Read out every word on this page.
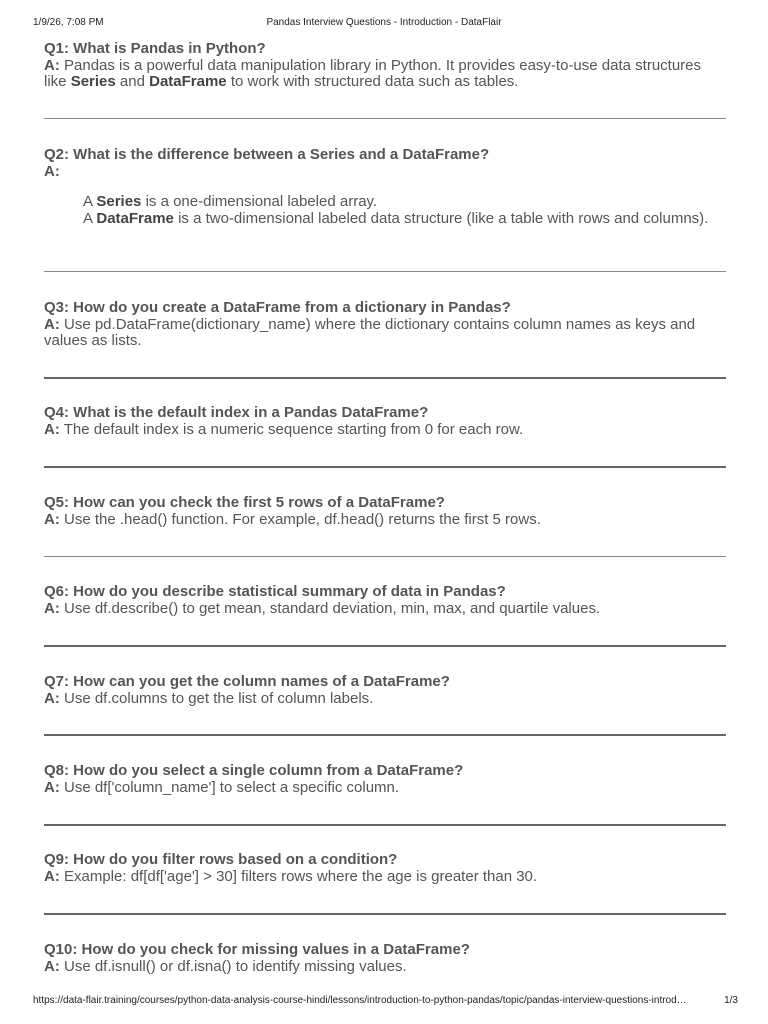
1/9/26, 7:08 PM	Pandas Interview Questions - Introduction - DataFlair

Q1: What is Pandas in Python?

A: Pandas is a powerful data manipulation library in Python. It provides easy-to-use data structures like Series and DataFrame to work with structured data such as tables.

Q2: What is the difference between a Series and a DataFrame?

A:

A Series is a one-dimensional labeled array.
A DataFrame is a two-dimensional labeled data structure (like a table with rows and columns).

Q3: How do you create a DataFrame from a dictionary in Pandas?

A: Use pd.DataFrame(dictionary_name) where the dictionary contains column names as keys and values as lists.

Q4: What is the default index in a Pandas DataFrame?

A: The default index is a numeric sequence starting from 0 for each row.

Q5: How can you check the first 5 rows of a DataFrame?

A: Use the .head() function. For example, df.head() returns the first 5 rows.

Q6: How do you describe statistical summary of data in Pandas?

A: Use df.describe() to get mean, standard deviation, min, max, and quartile values.

Q7: How can you get the column names of a DataFrame?

A: Use df.columns to get the list of column labels.

Q8: How do you select a single column from a DataFrame?

A: Use df['column_name'] to select a specific column.

Q9: How do you filter rows based on a condition?

A: Example: df[df['age'] > 30] filters rows where the age is greater than 30.

Q10: How do you check for missing values in a DataFrame?

A: Use df.isnull() or df.isna() to identify missing values.

https://data-flair.training/courses/python-data-analysis-course-hindi/lessons/introduction-to-python-pandas/topic/pandas-interview-questions-introd…	1/3
